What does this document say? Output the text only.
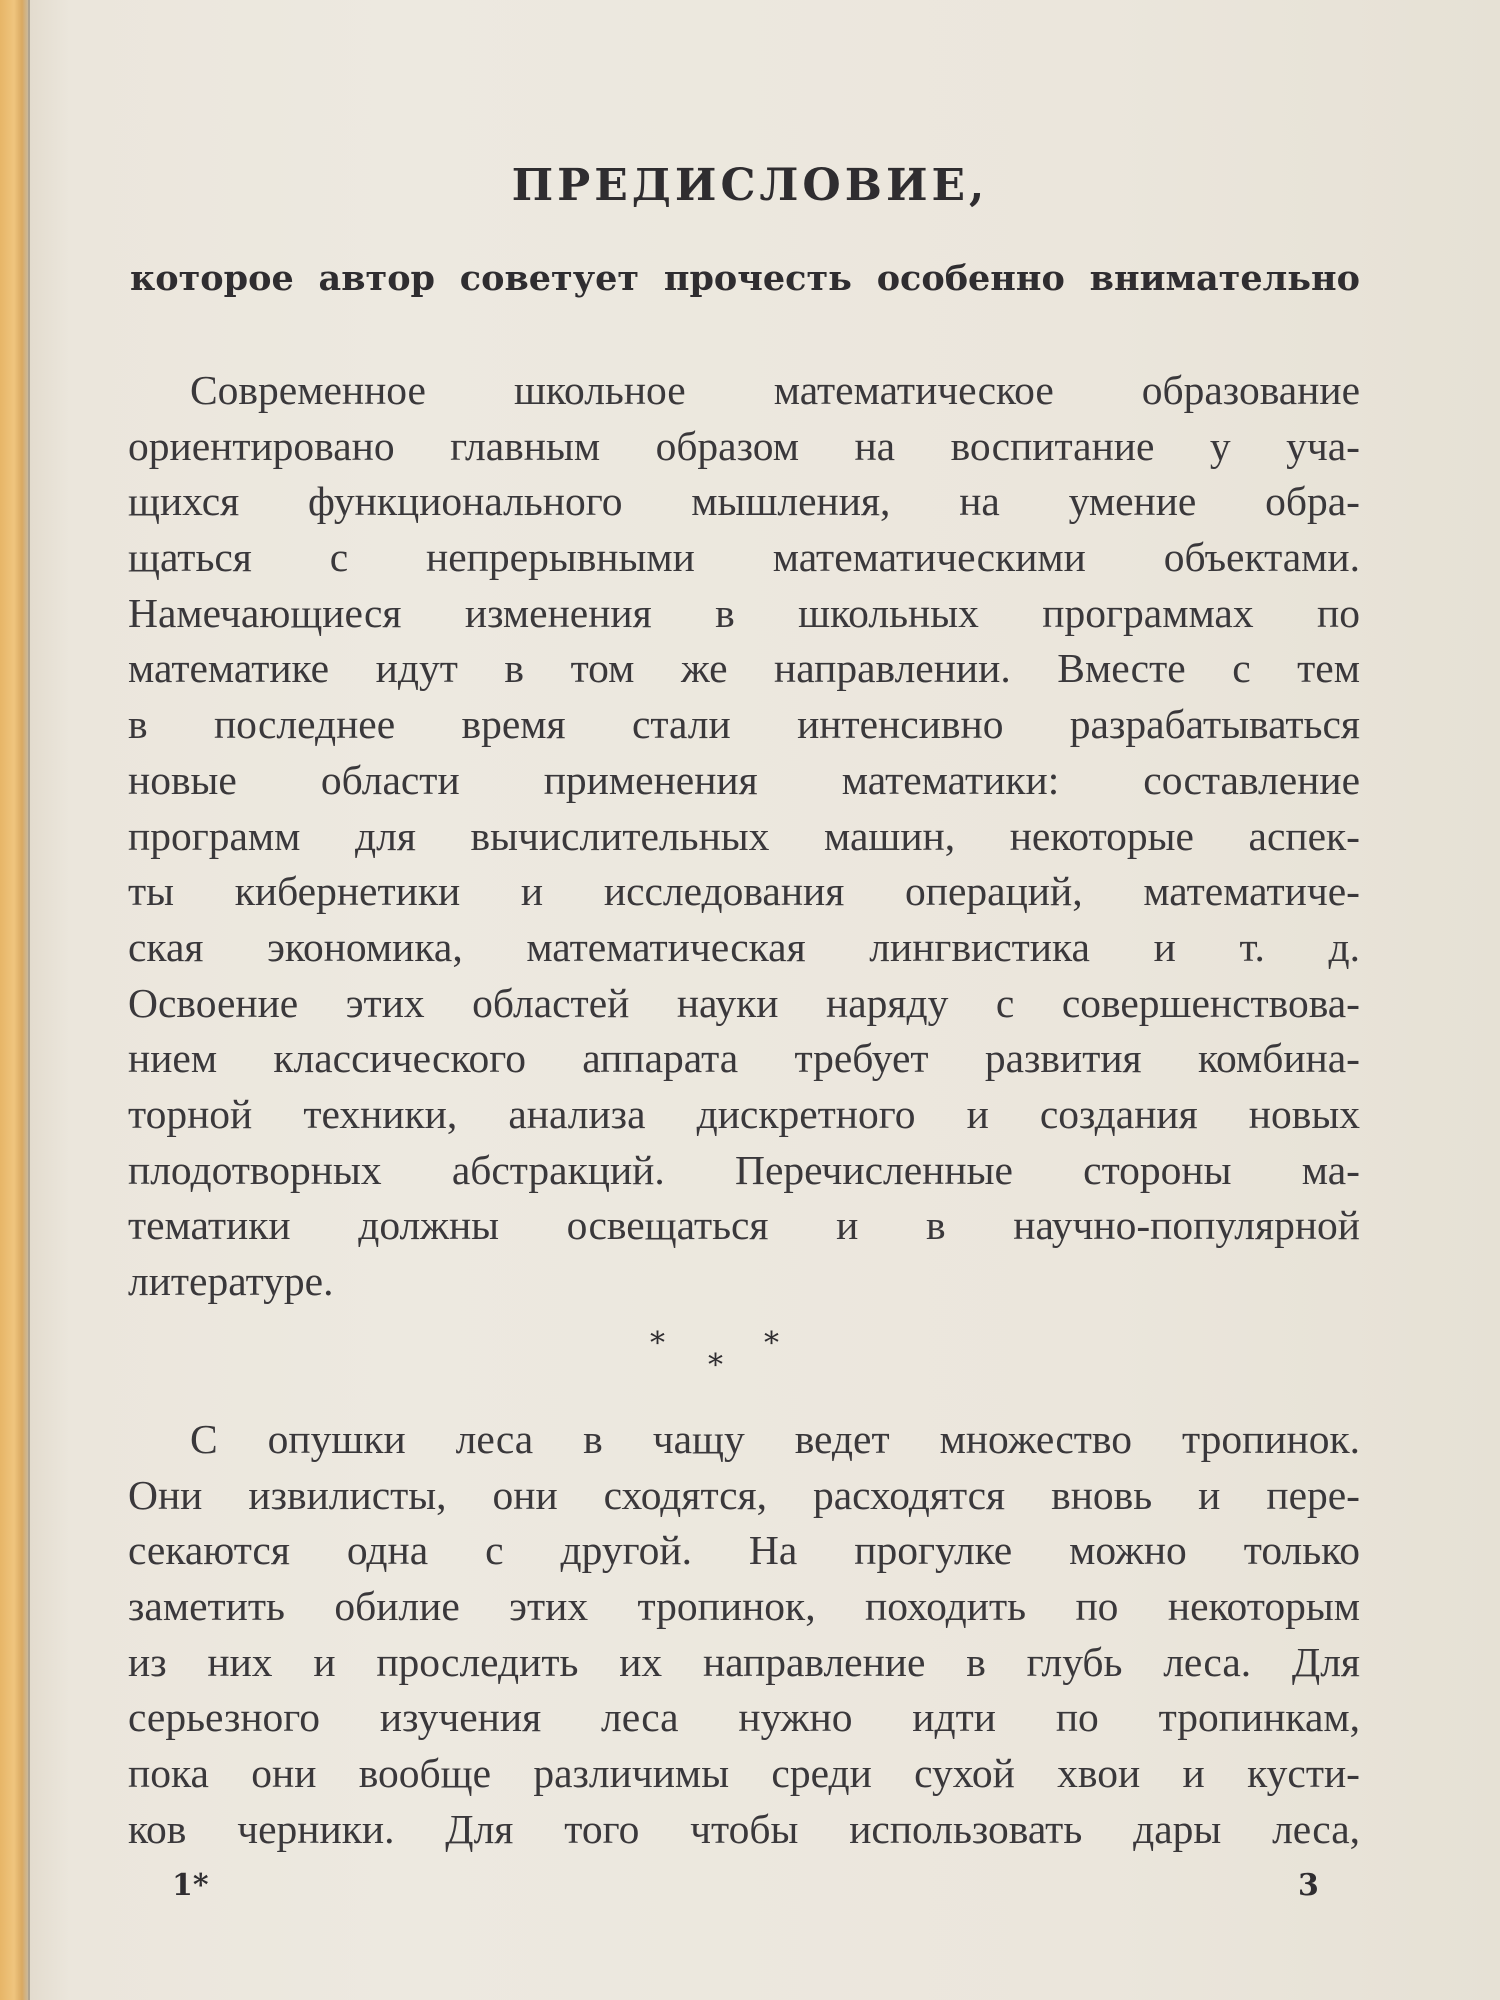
ПРЕДИСЛОВИЕ,
которое автор советует прочесть особенно внимательно
Современное школьное математическое образование
ориентировано главным образом на воспитание у уча-
щихся функционального мышления, на умение обра-
щаться с непрерывными математическими объектами.
Намечающиеся изменения в школьных программах по
математике идут в том же направлении. Вместе с тем
в последнее время стали интенсивно разрабатываться
новые области применения математики: составление
программ для вычислительных машин, некоторые аспек-
ты кибернетики и исследования операций, математиче-
ская экономика, математическая лингвистика и т. д.
Освоение этих областей науки наряду с совершенствова-
нием классического аппарата требует развития комбина-
торной техники, анализа дискретного и создания новых
плодотворных абстракций. Перечисленные стороны ма-
тематики должны освещаться и в научно-популярной
литературе.
*
*
*
С опушки леса в чащу ведет множество тропинок.
Они извилисты, они сходятся, расходятся вновь и пере-
секаются одна с другой. На прогулке можно только
заметить обилие этих тропинок, походить по некоторым
из них и проследить их направление в глубь леса. Для
серьезного изучения леса нужно идти по тропинкам,
пока они вообще различимы среди сухой хвои и кусти-
ков черники. Для того чтобы использовать дары леса,
1*	3
